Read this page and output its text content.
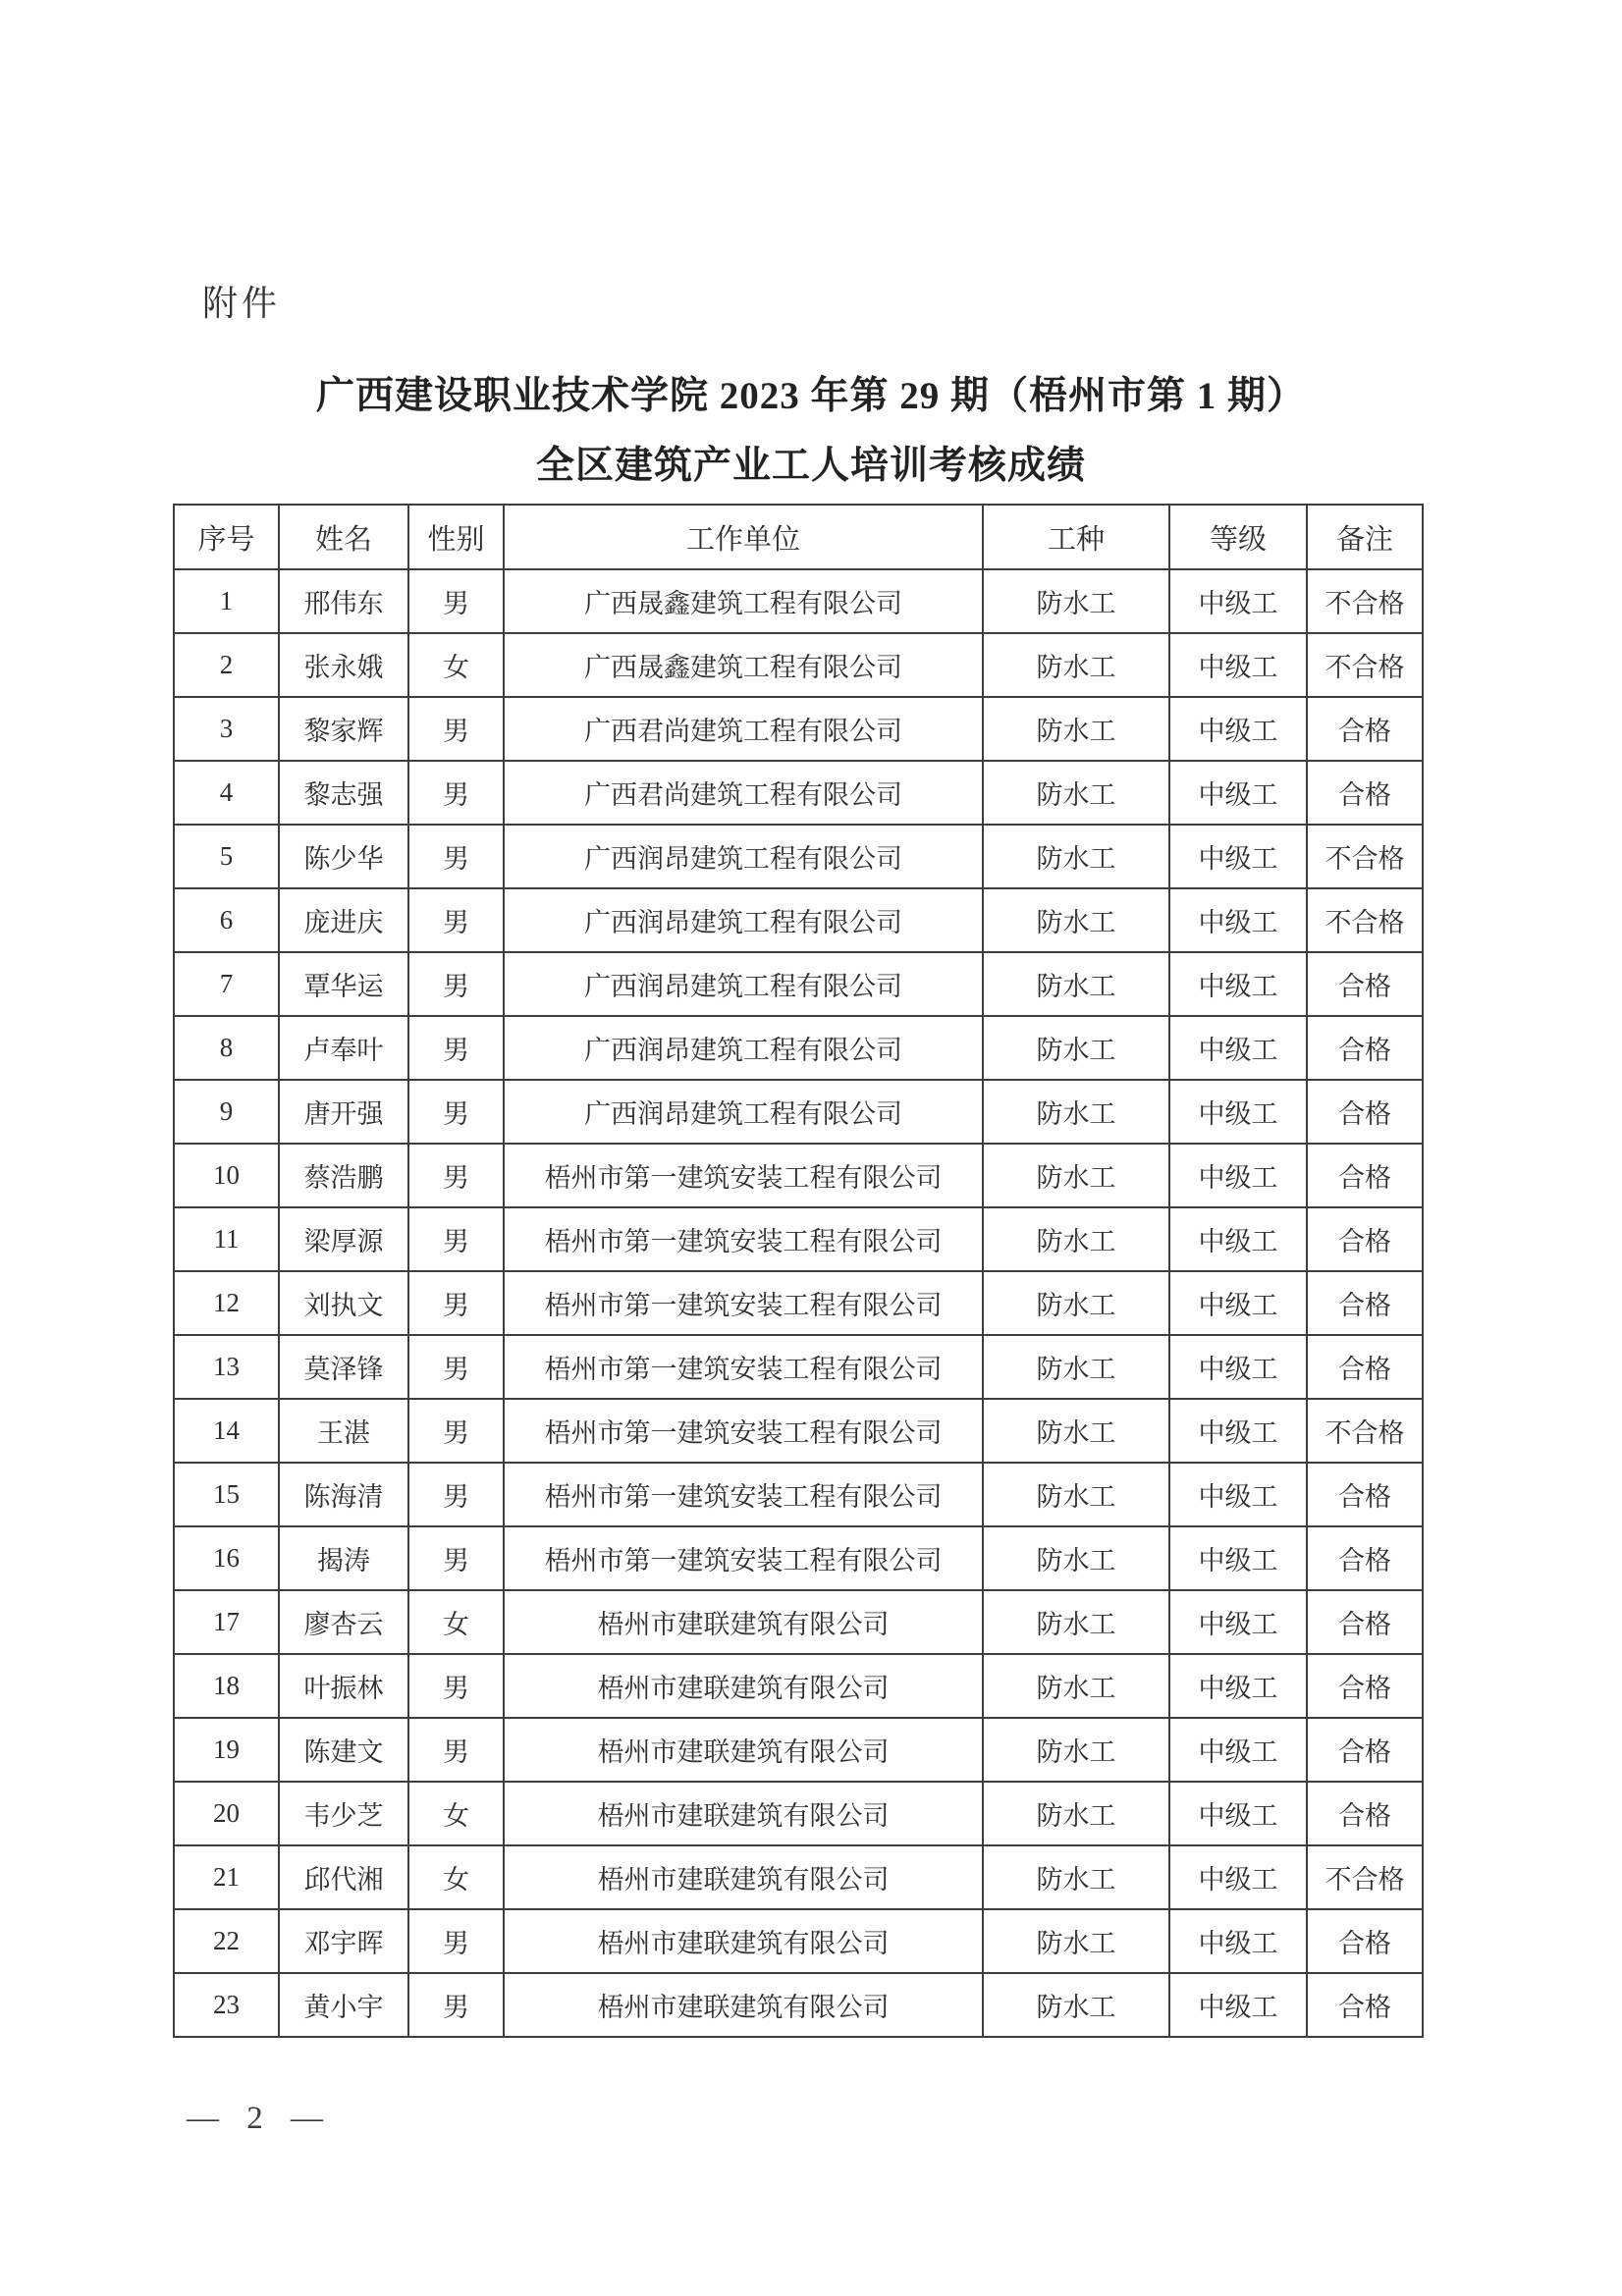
附件
广西建设职业技术学院 2023 年第 29 期（梧州市第 1 期）
全区建筑产业工人培训考核成绩
序号	姓名	性别	工作单位	工种	等级	备注
1	邢伟东	男	广西晟鑫建筑工程有限公司	防水工	中级工	不合格
2	张永娥	女	广西晟鑫建筑工程有限公司	防水工	中级工	不合格
3	黎家辉	男	广西君尚建筑工程有限公司	防水工	中级工	合格
4	黎志强	男	广西君尚建筑工程有限公司	防水工	中级工	合格
5	陈少华	男	广西润昂建筑工程有限公司	防水工	中级工	不合格
6	庞进庆	男	广西润昂建筑工程有限公司	防水工	中级工	不合格
7	覃华运	男	广西润昂建筑工程有限公司	防水工	中级工	合格
8	卢奉叶	男	广西润昂建筑工程有限公司	防水工	中级工	合格
9	唐开强	男	广西润昂建筑工程有限公司	防水工	中级工	合格
10	蔡浩鹏	男	梧州市第一建筑安装工程有限公司	防水工	中级工	合格
11	梁厚源	男	梧州市第一建筑安装工程有限公司	防水工	中级工	合格
12	刘执文	男	梧州市第一建筑安装工程有限公司	防水工	中级工	合格
13	莫泽锋	男	梧州市第一建筑安装工程有限公司	防水工	中级工	合格
14	王湛	男	梧州市第一建筑安装工程有限公司	防水工	中级工	不合格
15	陈海清	男	梧州市第一建筑安装工程有限公司	防水工	中级工	合格
16	揭涛	男	梧州市第一建筑安装工程有限公司	防水工	中级工	合格
17	廖杏云	女	梧州市建联建筑有限公司	防水工	中级工	合格
18	叶振林	男	梧州市建联建筑有限公司	防水工	中级工	合格
19	陈建文	男	梧州市建联建筑有限公司	防水工	中级工	合格
20	韦少芝	女	梧州市建联建筑有限公司	防水工	中级工	合格
21	邱代湘	女	梧州市建联建筑有限公司	防水工	中级工	不合格
22	邓宇晖	男	梧州市建联建筑有限公司	防水工	中级工	合格
23	黄小宇	男	梧州市建联建筑有限公司	防水工	中级工	合格
— 2 —
